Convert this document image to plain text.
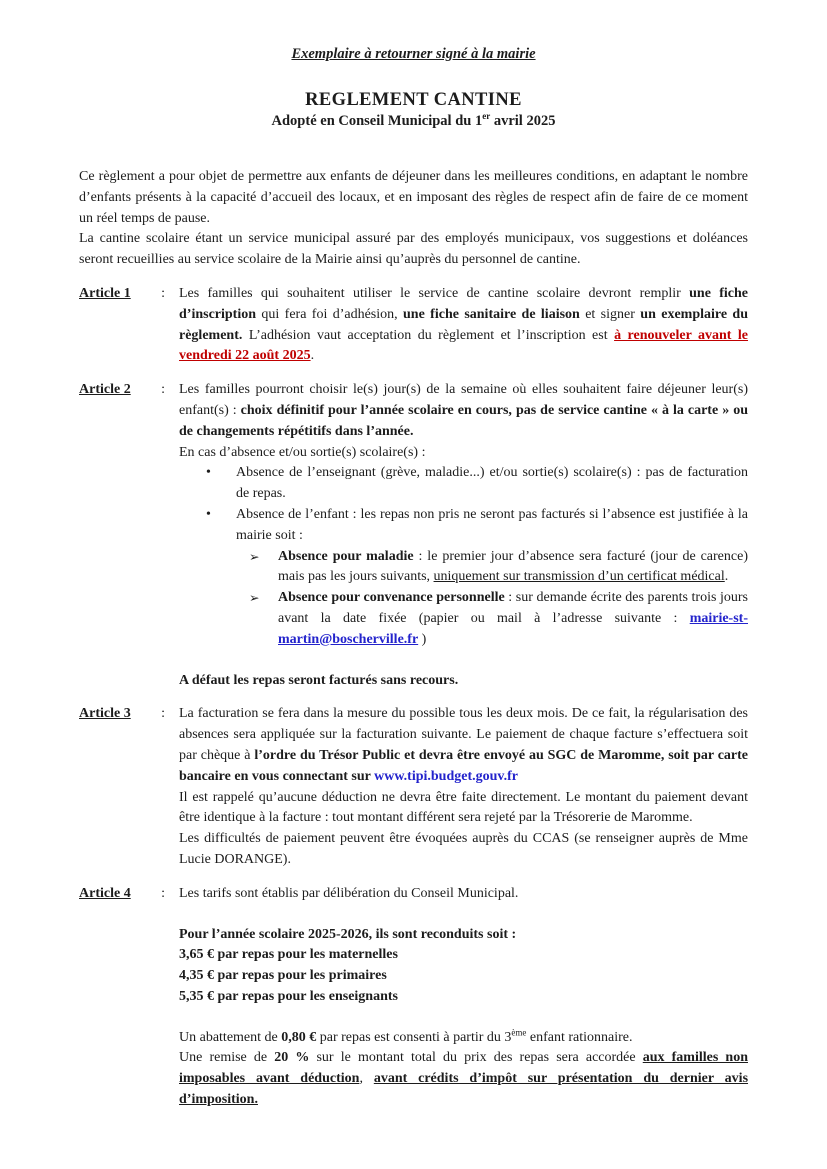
Exemplaire à retourner signé à la mairie
REGLEMENT CANTINE
Adopté en Conseil Municipal du 1er avril 2025

Ce règlement a pour objet de permettre aux enfants de déjeuner dans les meilleures conditions, en adaptant le nombre d’enfants présents à la capacité d’accueil des locaux, et en imposant des règles de respect afin de faire de ce moment un réel temps de pause.

La cantine scolaire étant un service municipal assuré par des employés municipaux, vos suggestions et doléances seront recueillies au service scolaire de la Mairie ainsi qu’auprès du personnel de cantine.

Article 1 : Les familles qui souhaitent utiliser le service de cantine scolaire devront remplir une fiche d’inscription qui fera foi d’adhésion, une fiche sanitaire de liaison et signer un exemplaire du règlement. L’adhésion vaut acceptation du règlement et l’inscription est à renouveler avant le vendredi 22 août 2025.

Article 2 : Les familles pourront choisir le(s) jour(s) de la semaine où elles souhaitent faire déjeuner leur(s) enfant(s) : choix définitif pour l’année scolaire en cours, pas de service cantine « à la carte » ou de changements répétitifs dans l’année.

En cas d’absence et/ou sortie(s) scolaire(s) :

•	Absence de l’enseignant (grève, maladie...) et/ou sortie(s) scolaire(s) : pas de facturation de repas.
•	Absence de l’enfant : les repas non pris ne seront pas facturés si l’absence est justifiée à la mairie soit :
➢	Absence pour maladie : le premier jour d’absence sera facturé (jour de carence) mais pas les jours suivants, uniquement sur transmission d’un certificat médical.
➢	Absence pour convenance personnelle : sur demande écrite des parents trois jours avant la date fixée (papier ou mail à l’adresse suivante : mairie-st-martin@boscherville.fr )

A défaut les repas seront facturés sans recours.

Article 3 : La facturation se fera dans la mesure du possible tous les deux mois. De ce fait, la régularisation des absences sera appliquée sur la facturation suivante. Le paiement de chaque facture s’effectuera soit par chèque à l’ordre du Trésor Public et devra être envoyé au SGC de Maromme, soit par carte bancaire en vous connectant sur www.tipi.budget.gouv.fr

Il est rappelé qu’aucune déduction ne devra être faite directement. Le montant du paiement devant être identique à la facture : tout montant différent sera rejeté par la Trésorerie de Maromme.

Les difficultés de paiement peuvent être évoquées auprès du CCAS (se renseigner auprès de Mme Lucie DORANGE).

Article 4 : Les tarifs sont établis par délibération du Conseil Municipal.

Pour l’année scolaire 2025-2026, ils sont reconduits soit :

3,65 € par repas pour les maternelles

4,35 € par repas pour les primaires

5,35 € par repas pour les enseignants

Un abattement de 0,80 € par repas est consenti à partir du 3ème enfant rationnaire.

Une remise de 20 % sur le montant total du prix des repas sera accordée aux familles non imposables avant déduction, avant crédits d’impôt sur présentation du dernier avis d’imposition.
